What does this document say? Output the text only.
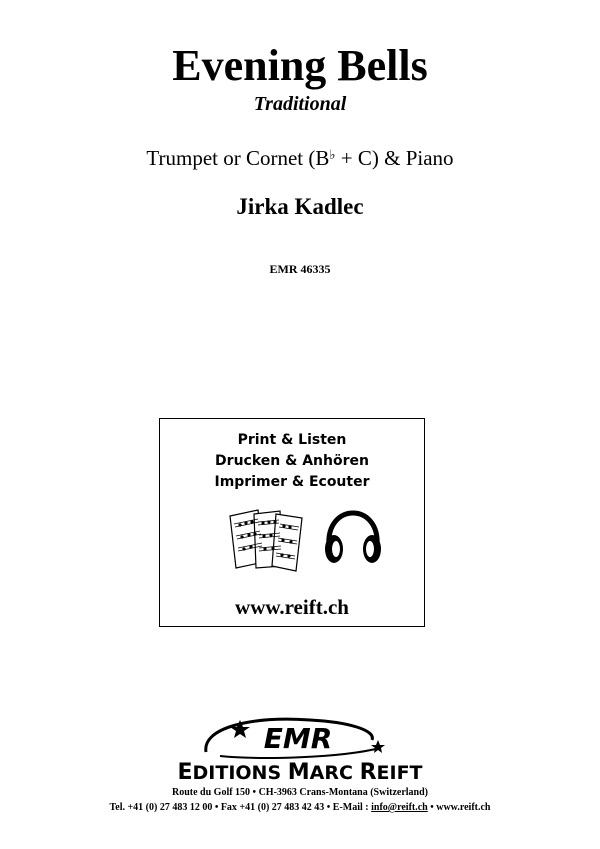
Evening Bells
Traditional
Trumpet or Cornet (B♭ + C) & Piano
Jirka Kadlec
EMR 46335
Print & Listen
Drucken & Anhören
Imprimer & Ecouter
www.reift.ch
EMR
EDITIONS MARC REIFT
Route du Golf 150 • CH-3963 Crans-Montana (Switzerland)
Tel. +41 (0) 27 483 12 00 • Fax +41 (0) 27 483 42 43 • E-Mail : info@reift.ch • www.reift.ch
